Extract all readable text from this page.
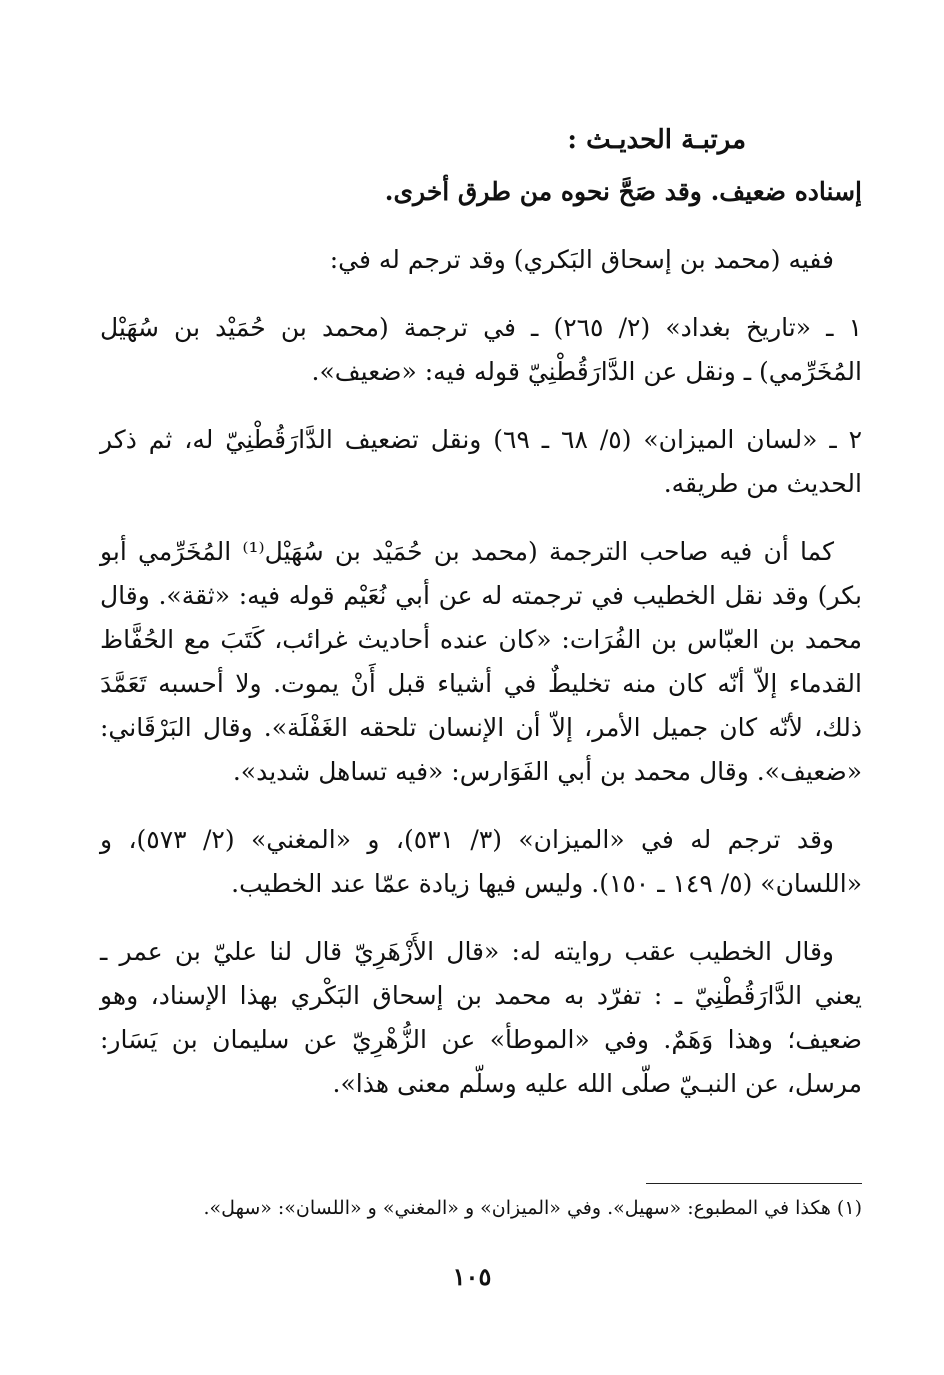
مرتبـة الحديـث :

إسناده ضعيف. وقد صَحَّ نحوه من طرق أخرى.

ففيه (محمد بن إسحاق البَكري) وقد ترجم له في:

١ ـ «تاريخ بغداد» (٢/ ٢٦٥) ـ في ترجمة (محمد بن حُمَيْد بن سُهَيْل المُخَرِّمي) ـ ونقل عن الدَّارَقُطْنِيّ قوله فيه: «ضعيف».

٢ ـ «لسان الميزان» (٥/ ٦٨ ـ ٦٩) ونقل تضعيف الدَّارَقُطْنِيّ له، ثم ذكر الحديث من طريقه.

كما أن فيه صاحب الترجمة (محمد بن حُمَيْد بن سُهَيْل⁽¹⁾ المُخَرِّمي أبو بكر) وقد نقل الخطيب في ترجمته له عن أبي نُعَيْم قوله فيه: «ثقة». وقال محمد بن العبّاس بن الفُرَات: «كان عنده أحاديث غرائب، كَتَبَ مع الحُفَّاظ القدماء إلاّ أنّه كان منه تخليطٌ في أشياء قبل أَنْ يموت. ولا أحسبه تَعَمَّدَ ذلك، لأنّه كان جميل الأمر، إلاّ أن الإنسان تلحقه الغَفْلَة». وقال البَرْقَاني: «ضعيف». وقال محمد بن أبي الفَوَارس: «فيه تساهل شديد».

وقد ترجم له في «الميزان» (٣/ ٥٣١)، و «المغني» (٢/ ٥٧٣)، و «اللسان» (٥/ ١٤٩ ـ ١٥٠). وليس فيها زيادة عمّا عند الخطيب.

وقال الخطيب عقب روايته له: «قال الأَزْهَرِيّ قال لنا عليّ بن عمر ـ يعني الدَّارَقُطْنِيّ ـ : تفرّد به محمد بن إسحاق البَكْري بهذا الإسناد، وهو ضعيف؛ وهذا وَهَمٌ. وفي «الموطأ» عن الزُّهْرِيّ عن سليمان بن يَسَار: مرسل، عن النبـيّ صلّى الله عليه وسلّم معنى هذا».

(١) هكذا في المطبوع: «سهيل». وفي «الميزان» و «المغني» و «اللسان»: «سهل».
١٠٥
